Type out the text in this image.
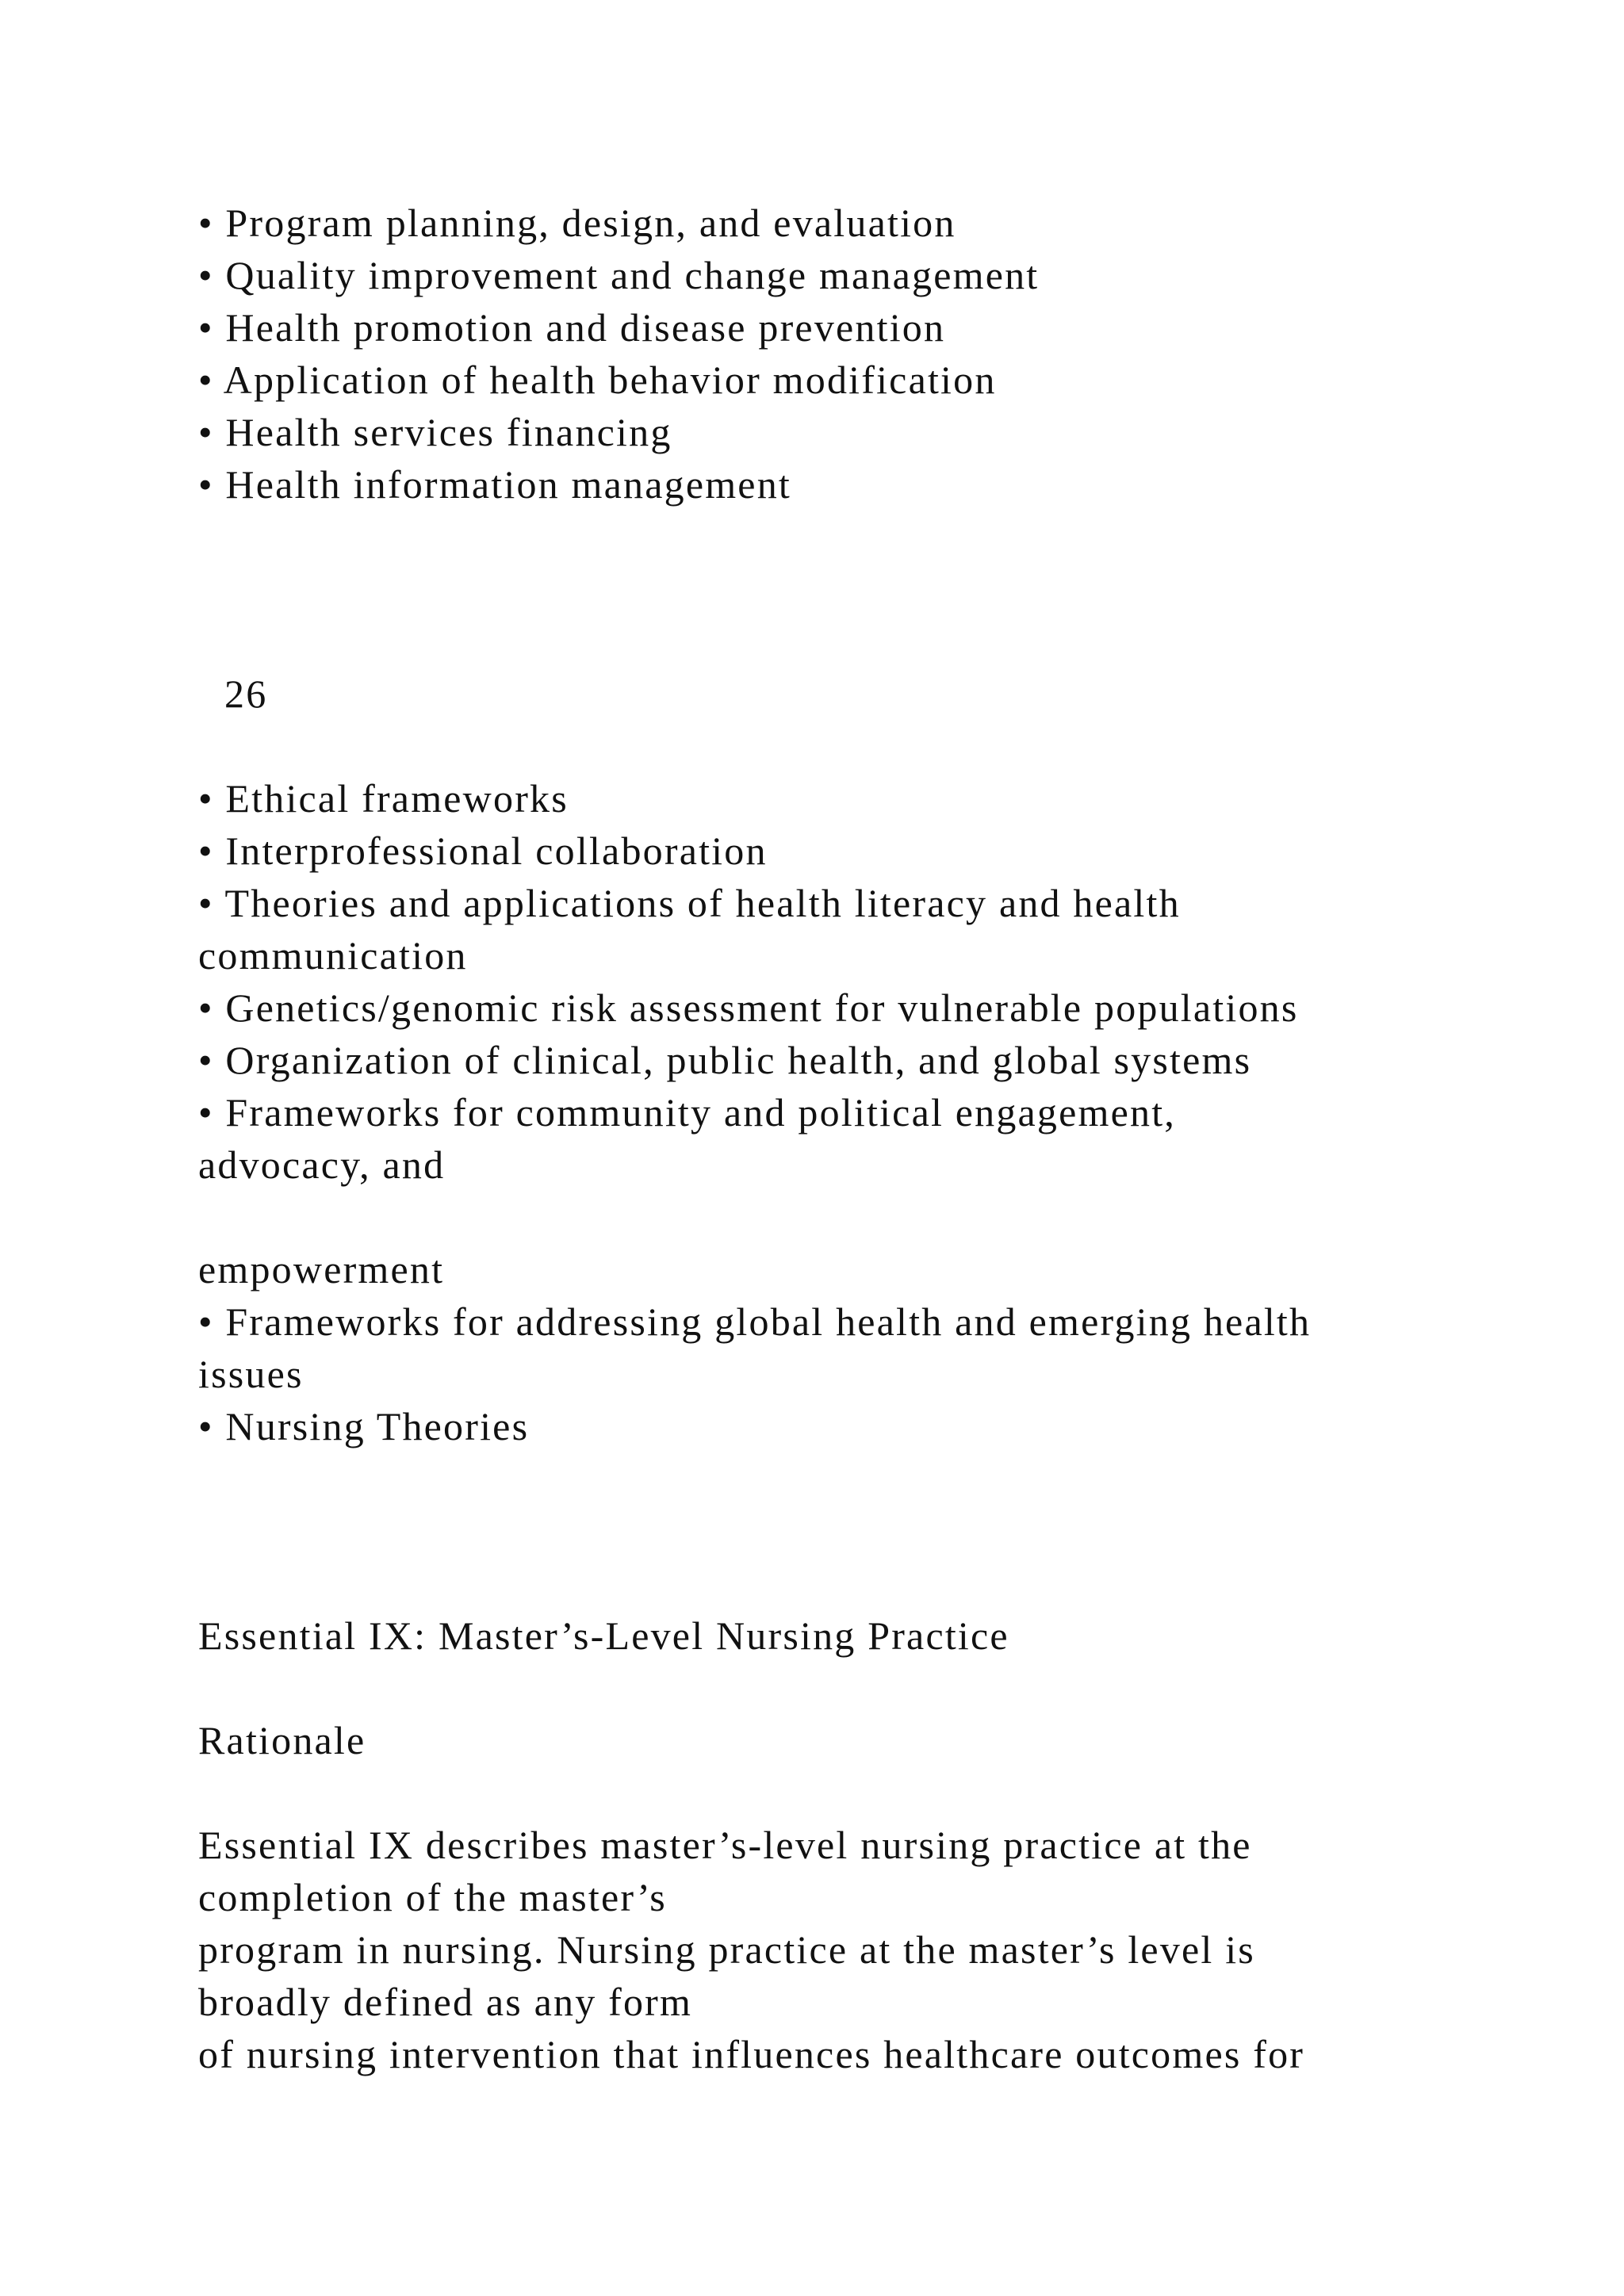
• Program planning, design, and evaluation
• Quality improvement and change management
• Health promotion and disease prevention
• Application of health behavior modification
• Health services financing
• Health information management
26
• Ethical frameworks
• Interprofessional collaboration
• Theories and applications of health literacy and health
communication
• Genetics/genomic risk assessment for vulnerable populations
• Organization of clinical, public health, and global systems
• Frameworks for community and political engagement,
advocacy, and
empowerment
• Frameworks for addressing global health and emerging health
issues
• Nursing Theories
Essential IX: Master’s-Level Nursing Practice
Rationale
Essential IX describes master’s-level nursing practice at the
completion of the master’s
program in nursing. Nursing practice at the master’s level is
broadly defined as any form
of nursing intervention that influences healthcare outcomes for
